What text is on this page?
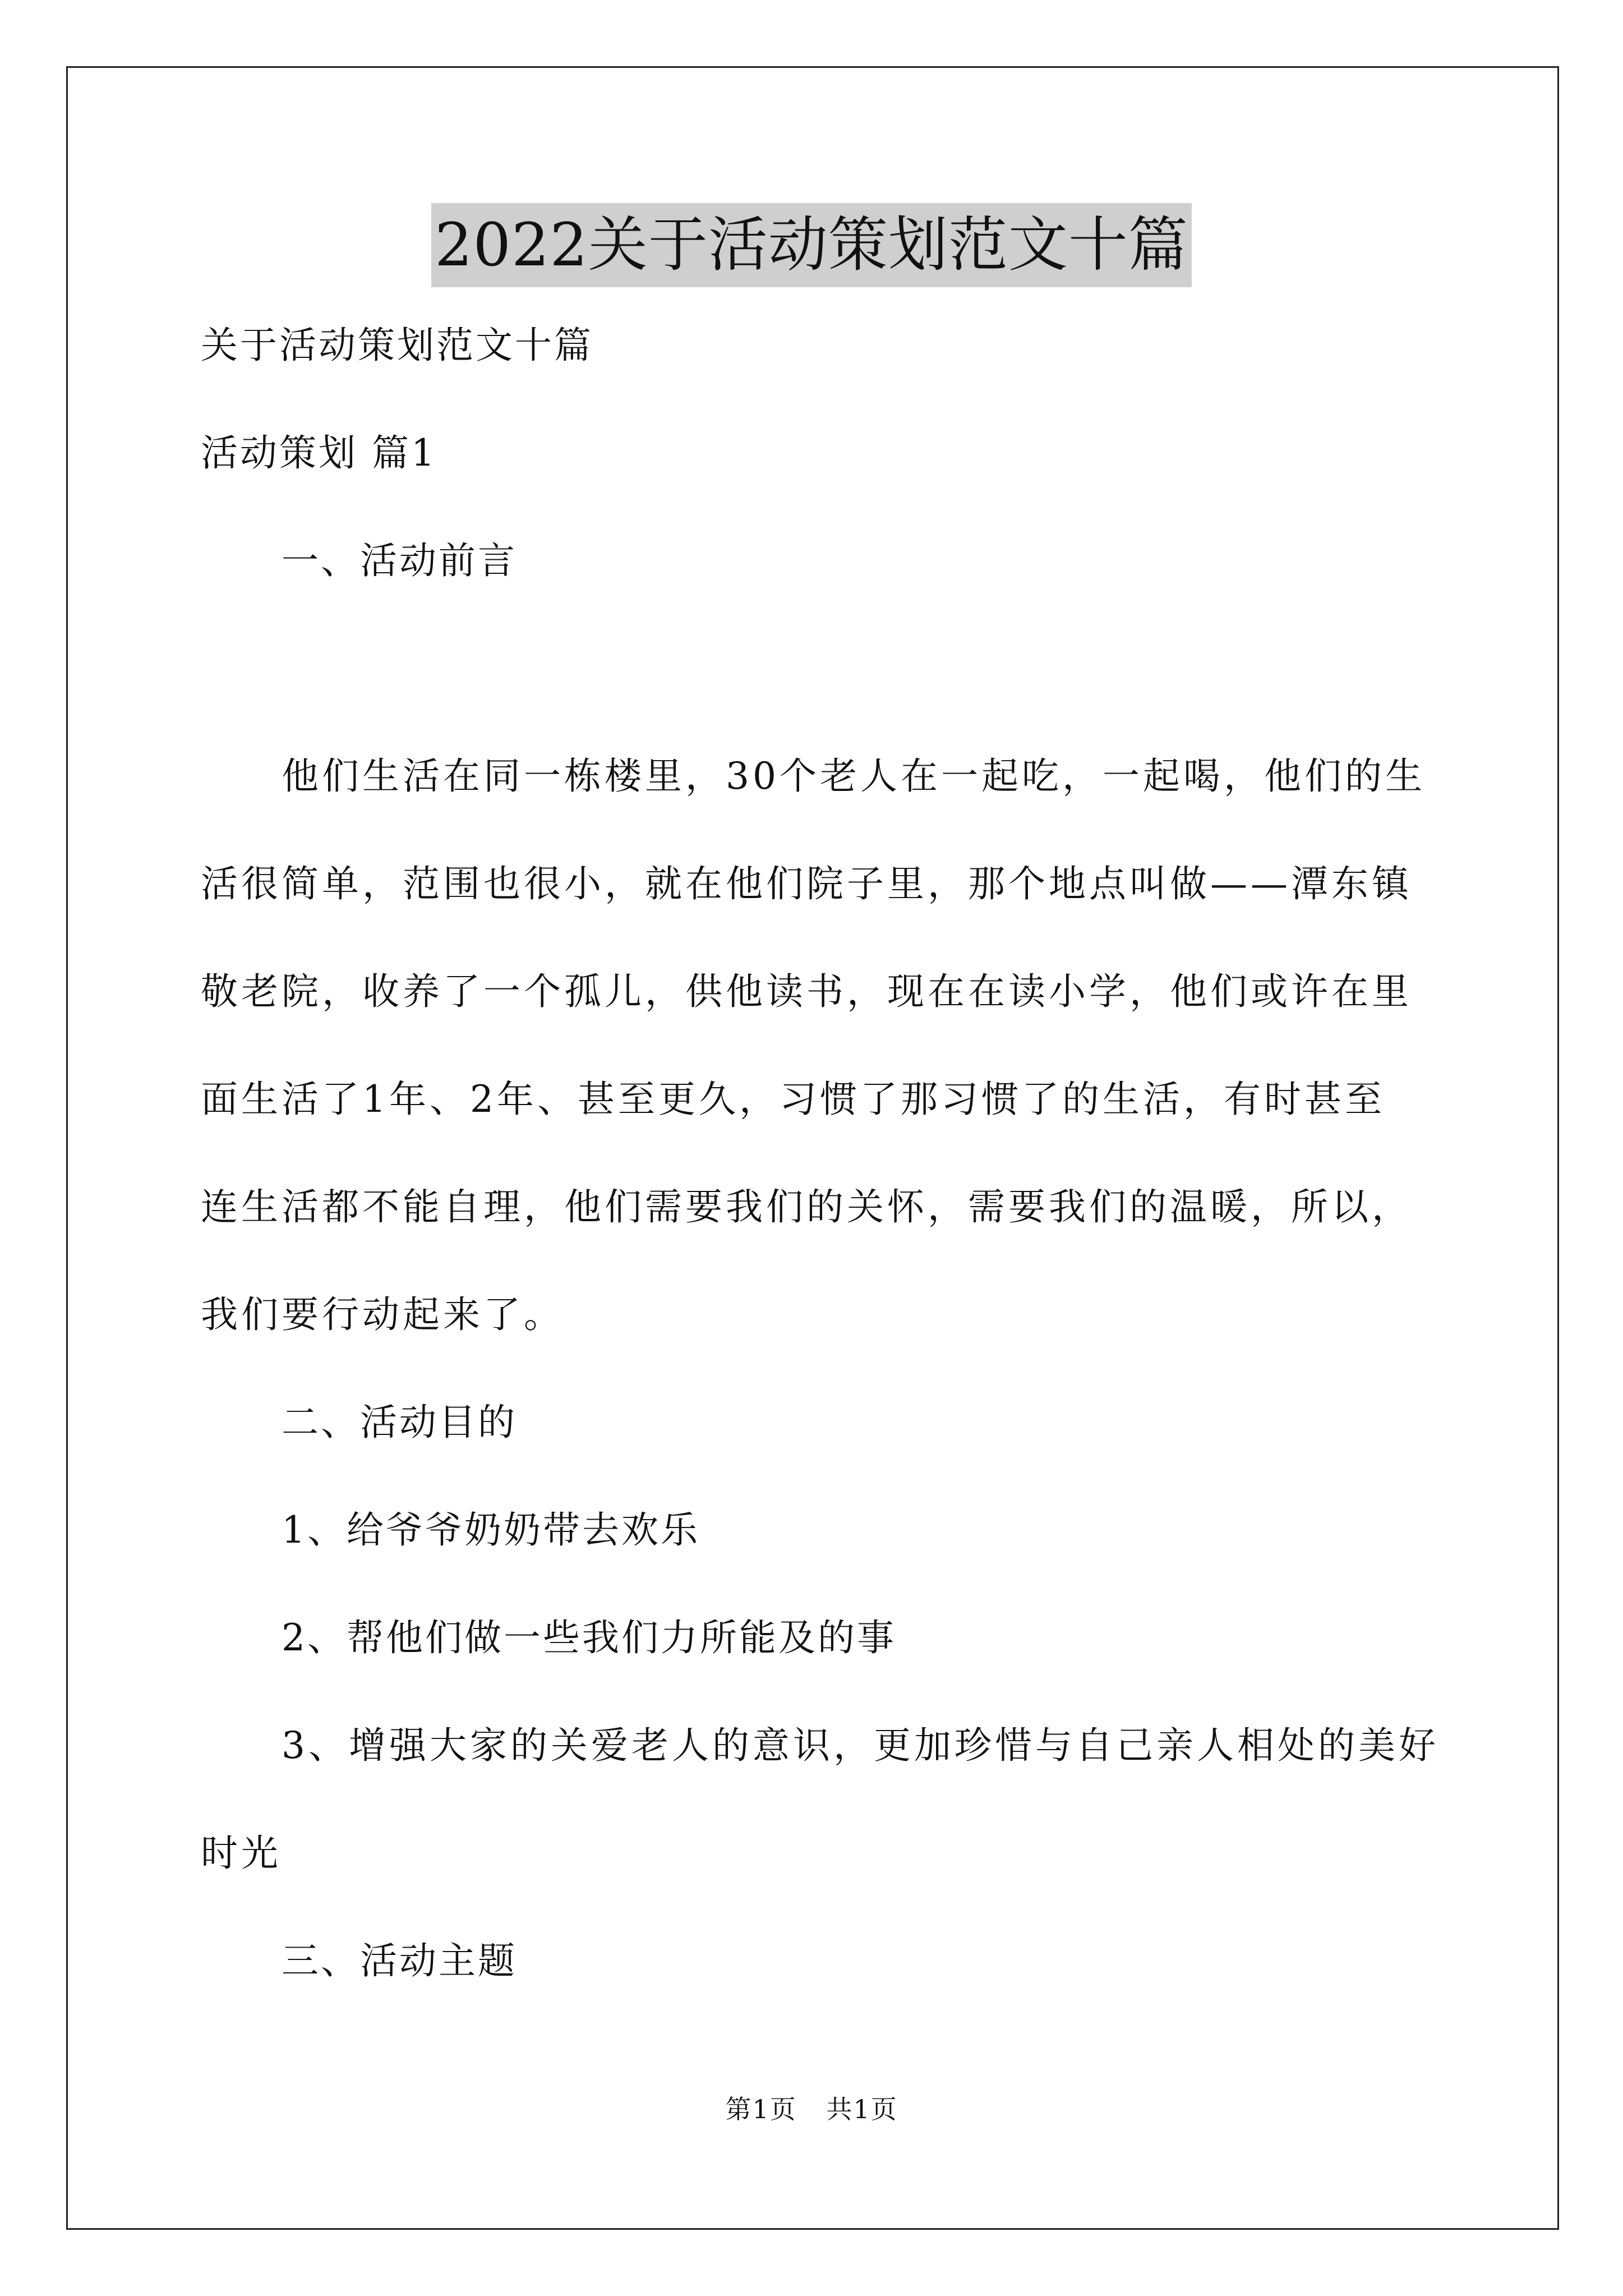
2022关于活动策划范文十篇

关于活动策划范文十篇

活动策划 篇1

一、活动前言

他们生活在同一栋楼里，30个老人在一起吃，一起喝，他们的生

活很简单，范围也很小，就在他们院子里，那个地点叫做——潭东镇

敬老院，收养了一个孤儿，供他读书，现在在读小学，他们或许在里

面生活了1年、2年、甚至更久，习惯了那习惯了的生活，有时甚至

连生活都不能自理，他们需要我们的关怀，需要我们的温暖，所以，

我们要行动起来了。

二、活动目的

1、给爷爷奶奶带去欢乐

2、帮他们做一些我们力所能及的事

3、增强大家的关爱老人的意识，更加珍惜与自己亲人相处的美好

时光

三、活动主题

第1页 共1页
